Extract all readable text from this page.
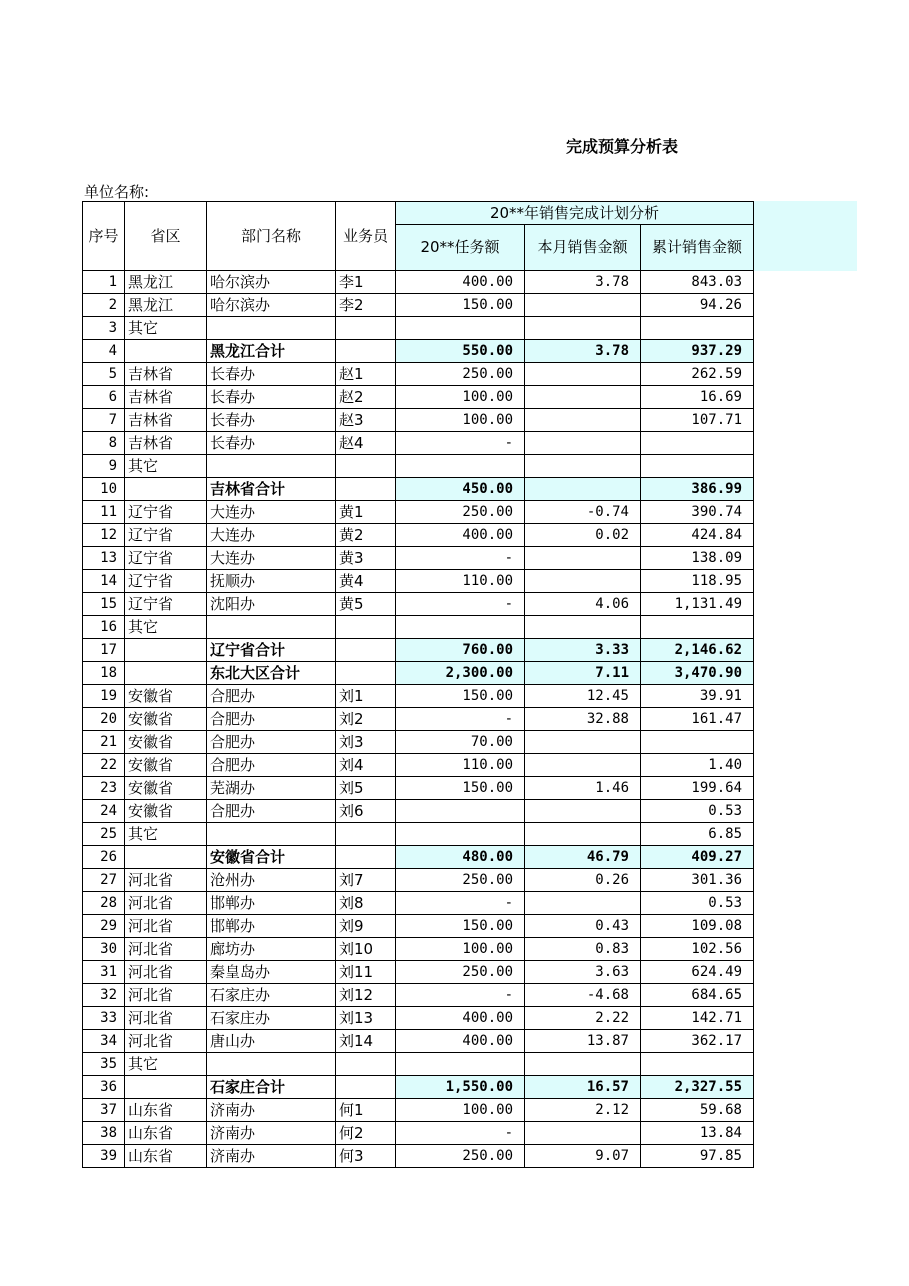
完成预算分析表
单位名称:
序号	省区	部门名称	业务员	20**年销售完成计划分析		
				20**任务额	本月销售金额	累计销售金额
1	黑龙江	哈尔滨办	李1	400.00	3.78	843.03
2	黑龙江	哈尔滨办	李2	150.00		94.26
3	其它					
4		黑龙江合计		550.00	3.78	937.29
5	吉林省	长春办	赵1	250.00		262.59
6	吉林省	长春办	赵2	100.00		16.69
7	吉林省	长春办	赵3	100.00		107.71
8	吉林省	长春办	赵4	-		
9	其它					
10		吉林省合计		450.00		386.99
11	辽宁省	大连办	黄1	250.00	-0.74	390.74
12	辽宁省	大连办	黄2	400.00	0.02	424.84
13	辽宁省	大连办	黄3	-		138.09
14	辽宁省	抚顺办	黄4	110.00		118.95
15	辽宁省	沈阳办	黄5	-	4.06	1,131.49
16	其它					
17		辽宁省合计		760.00	3.33	2,146.62
18		东北大区合计		2,300.00	7.11	3,470.90
19	安徽省	合肥办	刘1	150.00	12.45	39.91
20	安徽省	合肥办	刘2	-	32.88	161.47
21	安徽省	合肥办	刘3	70.00		
22	安徽省	合肥办	刘4	110.00		1.40
23	安徽省	芜湖办	刘5	150.00	1.46	199.64
24	安徽省	合肥办	刘6			0.53
25	其它					6.85
26		安徽省合计		480.00	46.79	409.27
27	河北省	沧州办	刘7	250.00	0.26	301.36
28	河北省	邯郸办	刘8	-		0.53
29	河北省	邯郸办	刘9	150.00	0.43	109.08
30	河北省	廊坊办	刘10	100.00	0.83	102.56
31	河北省	秦皇岛办	刘11	250.00	3.63	624.49
32	河北省	石家庄办	刘12	-	-4.68	684.65
33	河北省	石家庄办	刘13	400.00	2.22	142.71
34	河北省	唐山办	刘14	400.00	13.87	362.17
35	其它					
36		石家庄合计		1,550.00	16.57	2,327.55
37	山东省	济南办	何1	100.00	2.12	59.68
38	山东省	济南办	何2	-		13.84
39	山东省	济南办	何3	250.00	9.07	97.85
